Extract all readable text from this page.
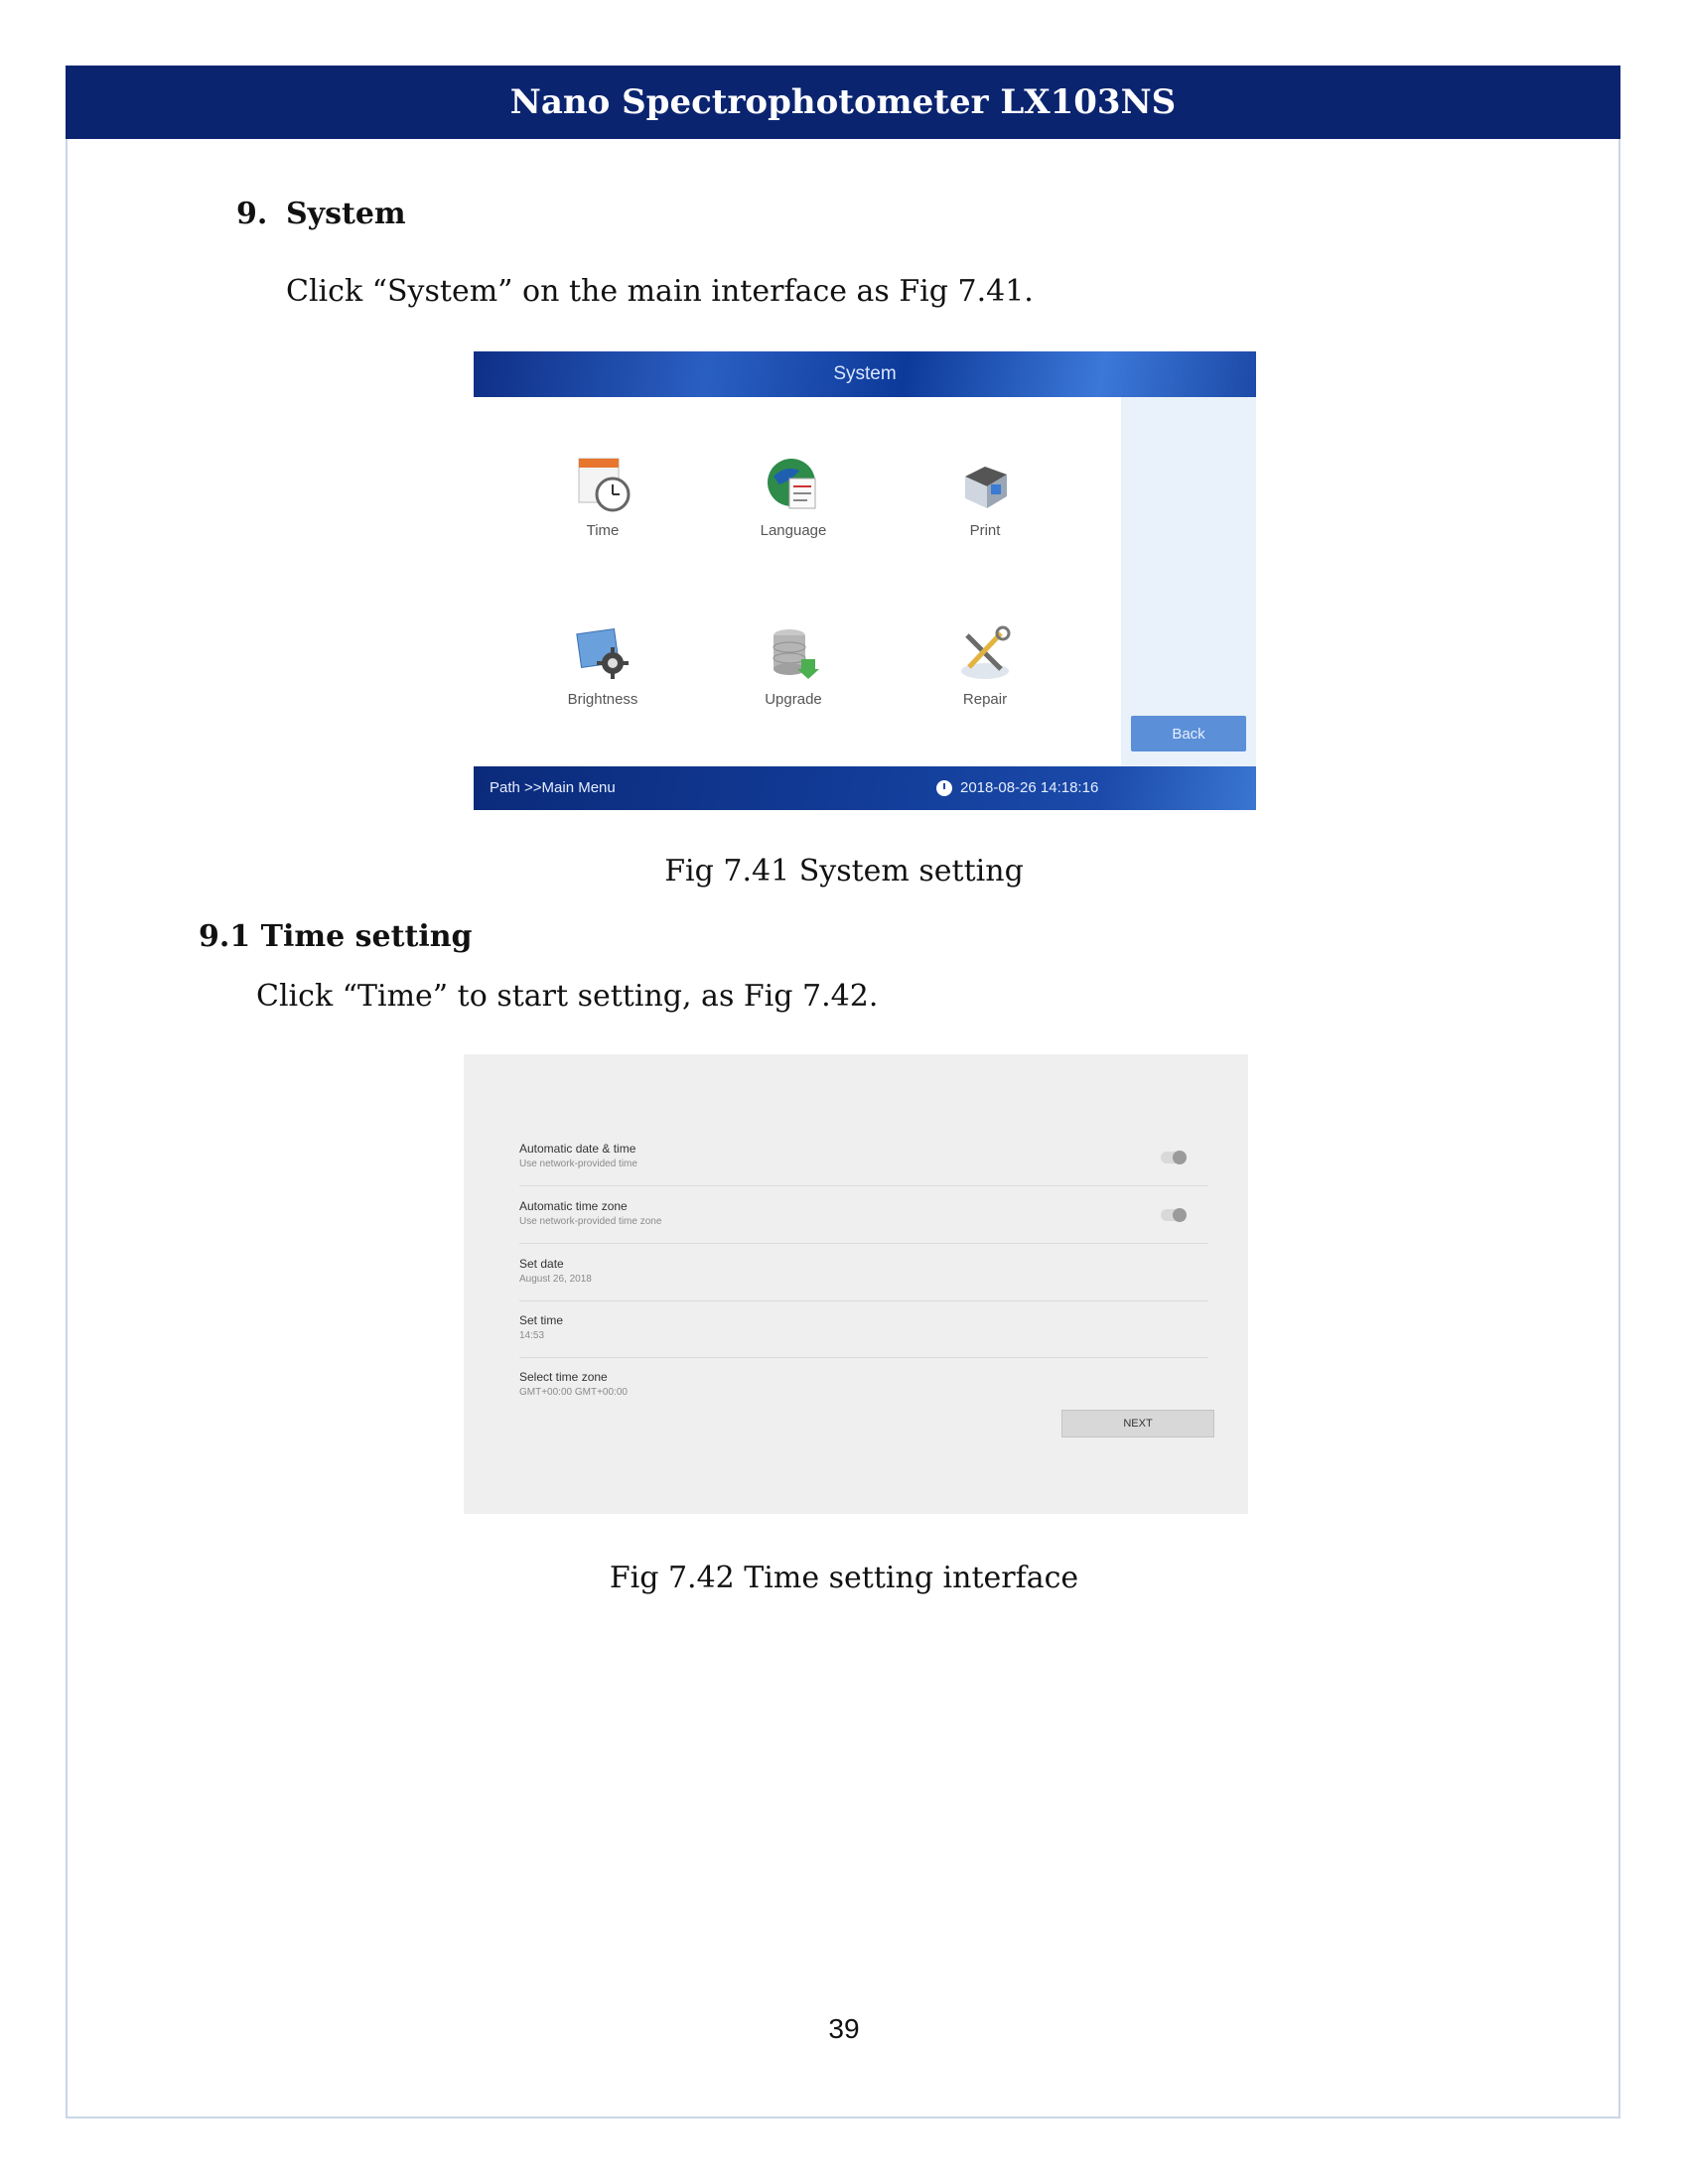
Nano Spectrophotometer LX103NS
9. System
Click “System” on the main interface as Fig 7.41.
System
Time	Language	Print
Brightness	Upgrade	Repair
Back
Path >>Main Menu	2018-08-26 14:18:16
Fig 7.41 System setting
9.1 Time setting
Click “Time” to start setting, as Fig 7.42.
Automatic date & time
Use network-provided time
Automatic time zone
Use network-provided time zone
Set date
August 26, 2018
Set time
14:53
Select time zone
GMT+00:00 GMT+00:00
NEXT
Fig 7.42 Time setting interface
39
